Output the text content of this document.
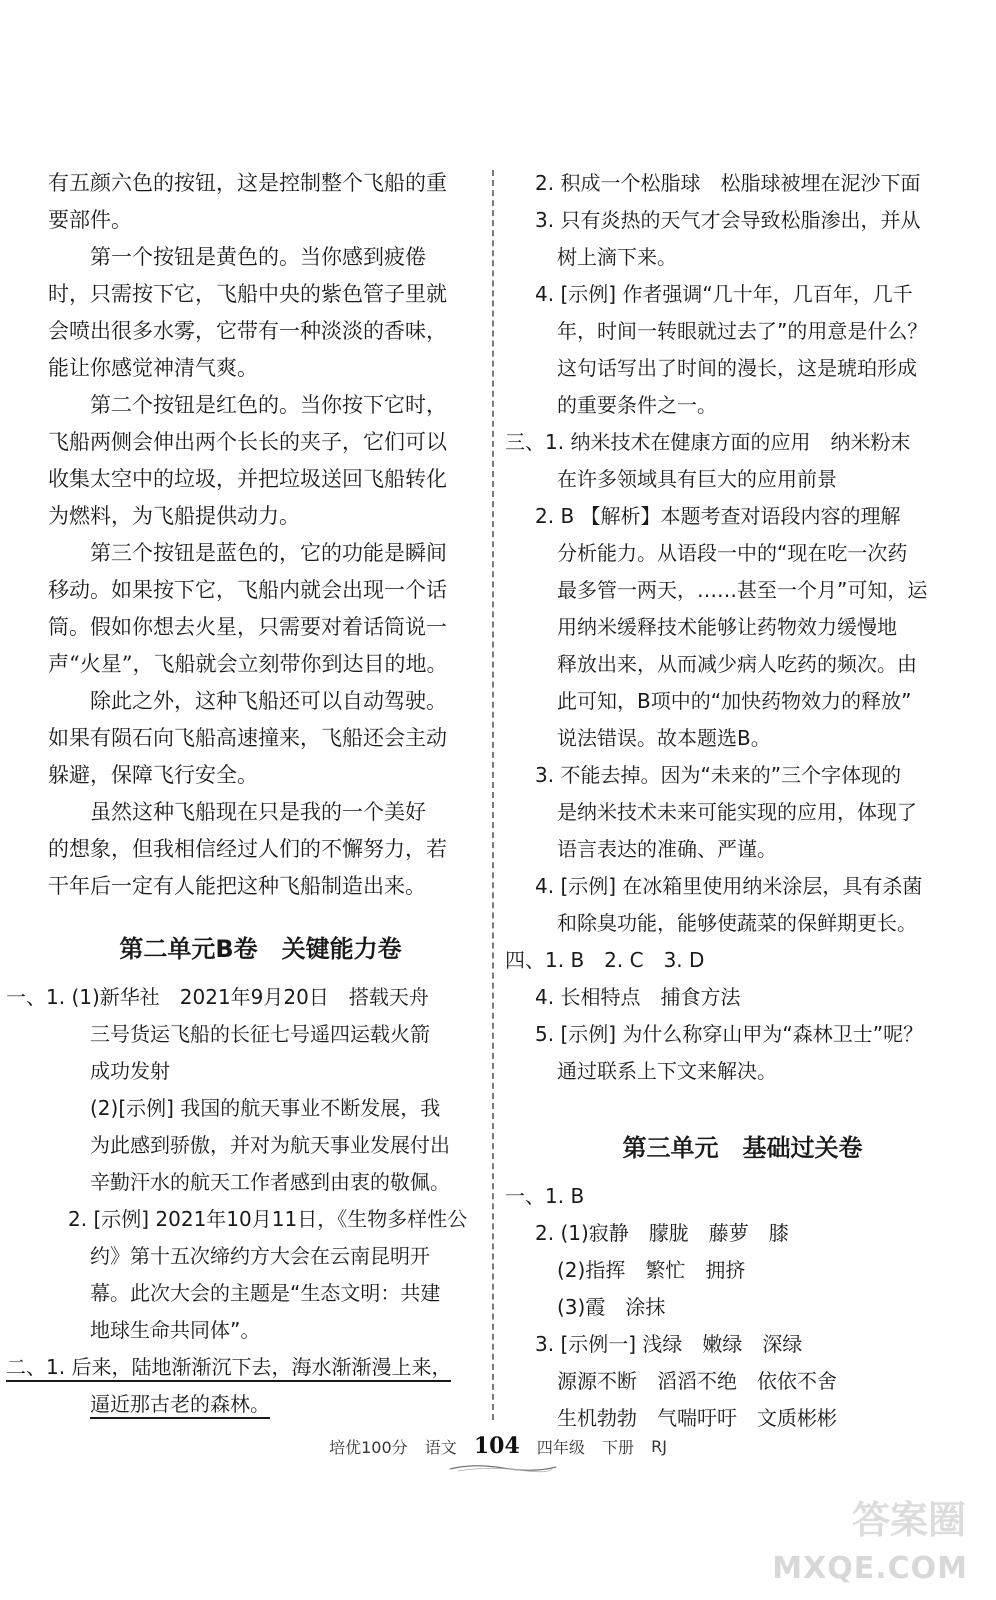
有五颜六色的按钮，这是控制整个飞船的重
要部件。
第一个按钮是黄色的。当你感到疲倦
时，只需按下它，飞船中央的紫色管子里就
会喷出很多水雾，它带有一种淡淡的香味，
能让你感觉神清气爽。
第二个按钮是红色的。当你按下它时，
飞船两侧会伸出两个长长的夹子，它们可以
收集太空中的垃圾，并把垃圾送回飞船转化
为燃料，为飞船提供动力。
第三个按钮是蓝色的，它的功能是瞬间
移动。如果按下它，飞船内就会出现一个话
筒。假如你想去火星，只需要对着话筒说一
声“火星”，飞船就会立刻带你到达目的地。
除此之外，这种飞船还可以自动驾驶。
如果有陨石向飞船高速撞来，飞船还会主动
躲避，保障飞行安全。
虽然这种飞船现在只是我的一个美好
的想象，但我相信经过人们的不懈努力，若
干年后一定有人能把这种飞船制造出来。
第二单元B卷　关键能力卷
一、1. (1)新华社　2021年9月20日　搭载天舟
三号货运飞船的长征七号遥四运载火箭
成功发射
(2)[示例] 我国的航天事业不断发展，我
为此感到骄傲，并对为航天事业发展付出
辛勤汗水的航天工作者感到由衷的敬佩。
2. [示例] 2021年10月11日，《生物多样性公
约》第十五次缔约方大会在云南昆明开
幕。此次大会的主题是“生态文明：共建
地球生命共同体”。
二、1. 后来，陆地渐渐沉下去，海水渐渐漫上来，
逼近那古老的森林。
2. 积成一个松脂球　松脂球被埋在泥沙下面
3. 只有炎热的天气才会导致松脂渗出，并从
树上滴下来。
4. [示例] 作者强调“几十年，几百年，几千
年，时间一转眼就过去了”的用意是什么？
这句话写出了时间的漫长，这是琥珀形成
的重要条件之一。
三、1. 纳米技术在健康方面的应用　纳米粉末
在许多领域具有巨大的应用前景
2. B 【解析】本题考查对语段内容的理解
分析能力。从语段一中的“现在吃一次药
最多管一两天，……甚至一个月”可知，运
用纳米缓释技术能够让药物效力缓慢地
释放出来，从而减少病人吃药的频次。由
此可知，B项中的“加快药物效力的释放”
说法错误。故本题选B。
3. 不能去掉。因为“未来的”三个字体现的
是纳米技术未来可能实现的应用，体现了
语言表达的准确、严谨。
4. [示例] 在冰箱里使用纳米涂层，具有杀菌
和除臭功能，能够使蔬菜的保鲜期更长。
四、1. B　2. C　3. D
4. 长相特点　捕食方法
5. [示例] 为什么称穿山甲为“森林卫士”呢？
通过联系上下文来解决。
第三单元　基础过关卷
一、1. B
2. (1)寂静　朦胧　藤萝　膝
(2)指挥　繁忙　拥挤
(3)霞　涂抹
3. [示例一] 浅绿　嫩绿　深绿
源源不断　滔滔不绝　依依不舍
生机勃勃　气喘吁吁　文质彬彬
培优100分 语文 104 四年级 下册 RJ
答案圈
MXQE.COM
